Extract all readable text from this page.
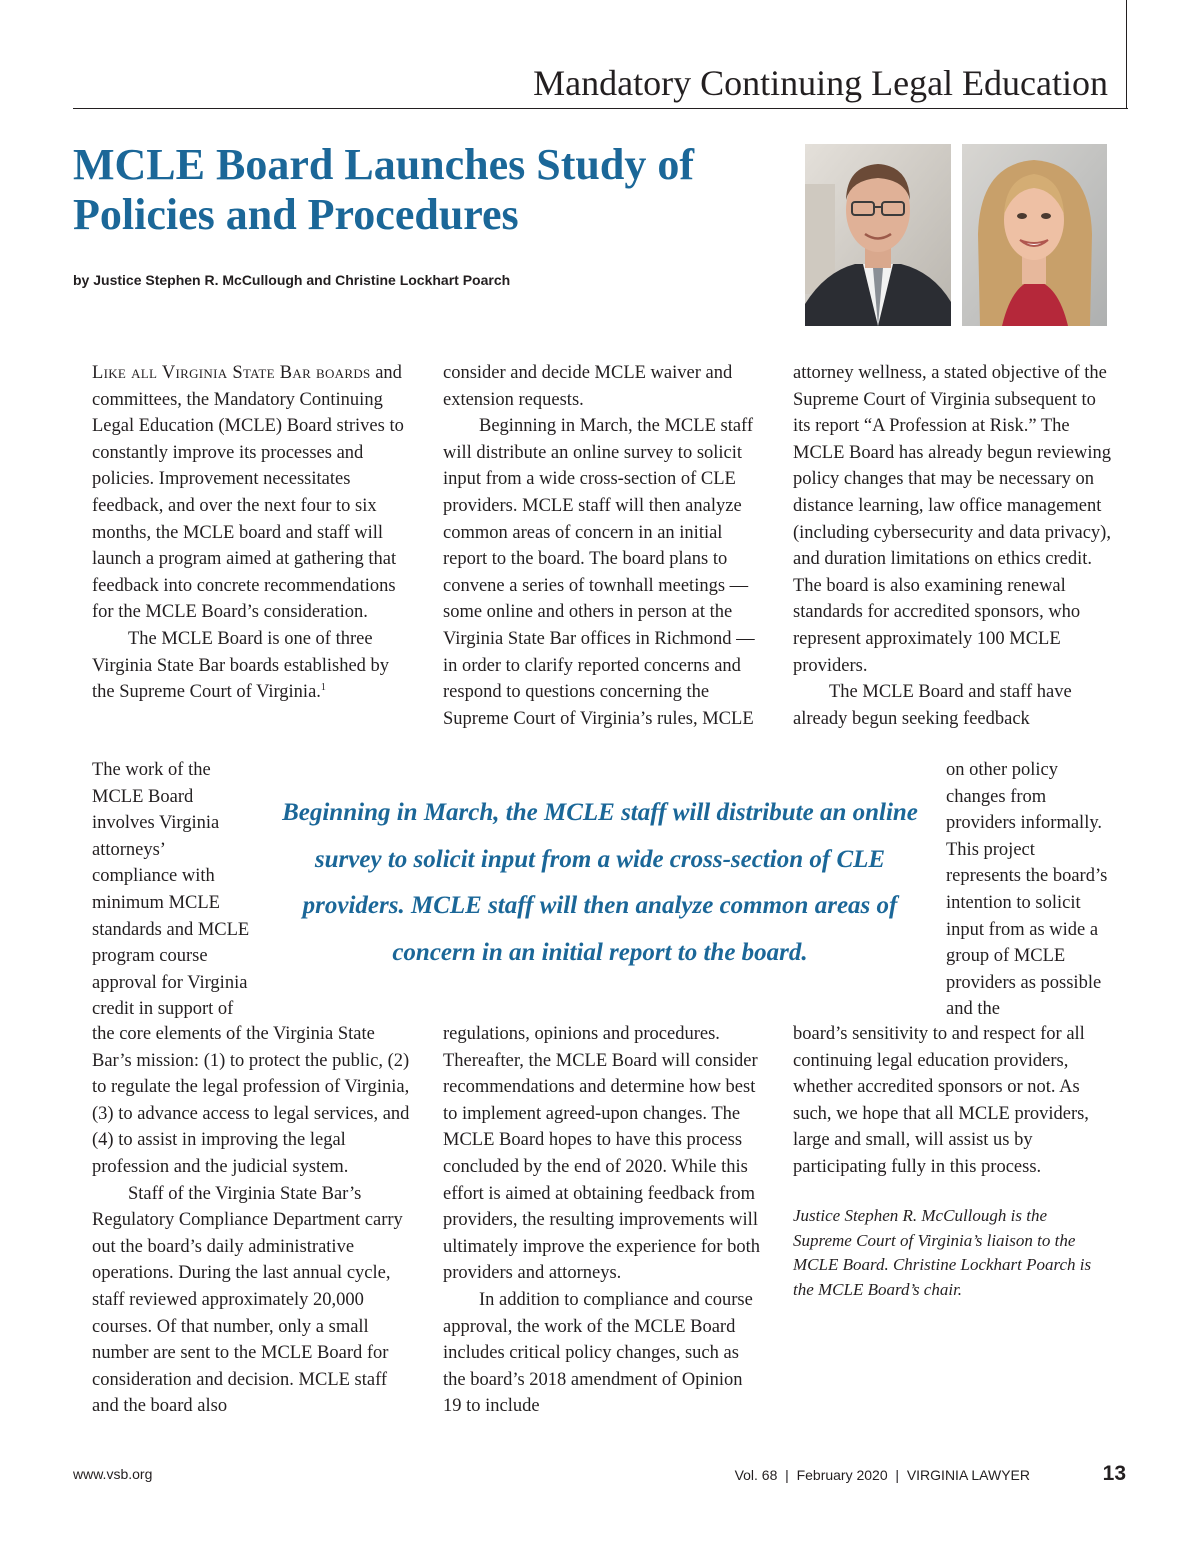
Mandatory Continuing Legal Education
MCLE Board Launches Study of Policies and Procedures
by Justice Stephen R. McCullough and Christine Lockhart Poarch

Like all Virginia State Bar boards and committees, the Mandatory Continuing Legal Education (MCLE) Board strives to constantly improve its processes and policies. Improvement necessitates feedback, and over the next four to six months, the MCLE board and staff will launch a program aimed at gathering that feedback into concrete recommendations for the MCLE Board’s consideration.

The MCLE Board is one of three Virginia State Bar boards established by the Supreme Court of Virginia.$^1$

The work of the MCLE Board involves Virginia attorneys’ compliance with minimum MCLE standards and MCLE program course approval for Virginia credit in support of

the core elements of the Virginia State Bar’s mission: (1) to protect the public, (2) to regulate the legal profession of Virginia, (3) to advance access to legal services, and (4) to assist in improving the legal profession and the judicial system.

Staff of the Virginia State Bar’s Regulatory Compliance Department carry out the board’s daily administrative operations. During the last annual cycle, staff reviewed approximately 20,000 courses. Of that number, only a small number are sent to the MCLE Board for consideration and decision. MCLE staff and the board also

consider and decide MCLE waiver and extension requests.

Beginning in March, the MCLE staff will distribute an online survey to solicit input from a wide cross-section of CLE providers. MCLE staff will then analyze common areas of concern in an initial report to the board. The board plans to convene a series of townhall meetings — some online and others in person at the Virginia State Bar offices in Richmond — in order to clarify reported concerns and respond to questions concerning the Supreme Court of Virginia’s rules, MCLE

regulations, opinions and procedures. Thereafter, the MCLE Board will consider recommendations and determine how best to implement agreed-upon changes. The MCLE Board hopes to have this process concluded by the end of 2020. While this effort is aimed at obtaining feedback from providers, the resulting improvements will ultimately improve the experience for both providers and attorneys.

In addition to compliance and course approval, the work of the MCLE Board includes critical policy changes, such as the board’s 2018 amendment of Opinion 19 to include

attorney wellness, a stated objective of the Supreme Court of Virginia subsequent to its report “A Profession at Risk.” The MCLE Board has already begun reviewing policy changes that may be necessary on distance learning, law office management (including cybersecurity and data privacy), and duration limitations on ethics credit. The board is also examining renewal standards for accredited sponsors, who represent approximately 100 MCLE providers.

The MCLE Board and staff have already begun seeking feedback

on other policy changes from providers informally. This project represents the board’s intention to solicit input from as wide a group of MCLE providers as possible and the

board’s sensitivity to and respect for all continuing legal education providers, whether accredited sponsors or not. As such, we hope that all MCLE providers, large and small, will assist us by participating fully in this process.

Beginning in March, the MCLE staff will distribute an online survey to solicit input from a wide cross-section of CLE providers. MCLE staff will then analyze common areas of concern in an initial report to the board.

Justice Stephen R. McCullough is the Supreme Court of Virginia’s liaison to the MCLE Board. Christine Lockhart Poarch is the MCLE Board’s chair.
www.vsb.org	Vol. 68  |  February 2020  |  VIRGINIA LAWYER	13
